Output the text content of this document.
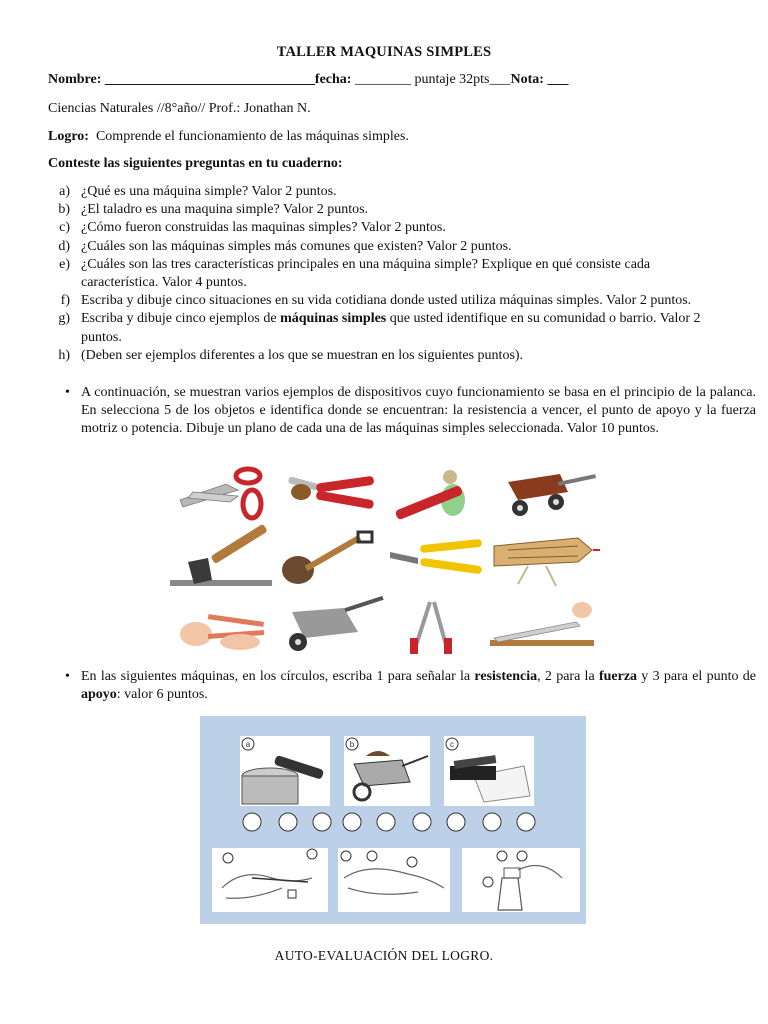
TALLER MAQUINAS SIMPLES
Nombre: ______________________________fecha: ________ puntaje 32pts___Nota: ___
Ciencias Naturales //8°año// Prof.: Jonathan N.
Logro: Comprende el funcionamiento de las máquinas simples.
Conteste las siguientes preguntas en tu cuaderno:
a) ¿Qué es una máquina simple? Valor 2 puntos.
b) ¿El taladro es una maquina simple? Valor 2 puntos.
c) ¿Cómo fueron construidas las maquinas simples? Valor 2 puntos.
d) ¿Cuáles son las máquinas simples más comunes que existen? Valor 2 puntos.
e) ¿Cuáles son las tres características principales en una máquina simple? Explique en qué consiste cada característica. Valor 4 puntos.
f) Escriba y dibuje cinco situaciones en su vida cotidiana donde usted utiliza máquinas simples. Valor 2 puntos.
g) Escriba y dibuje cinco ejemplos de máquinas simples que usted identifique en su comunidad o barrio. Valor 2 puntos.
h) (Deben ser ejemplos diferentes a los que se muestran en los siguientes puntos).
• A continuación, se muestran varios ejemplos de dispositivos cuyo funcionamiento se basa en el principio de la palanca. En selecciona 5 de los objetos e identifica donde se encuentran: la resistencia a vencer, el punto de apoyo y la fuerza motriz o potencia. Dibuje un plano de cada una de las máquinas simples seleccionada. Valor 10 puntos.
• En las siguientes máquinas, en los círculos, escriba 1 para señalar la resistencia, 2 para la fuerza y 3 para el punto de apoyo: valor 6 puntos.
a	b	c
AUTO-EVALUACIÓN DEL LOGRO.
